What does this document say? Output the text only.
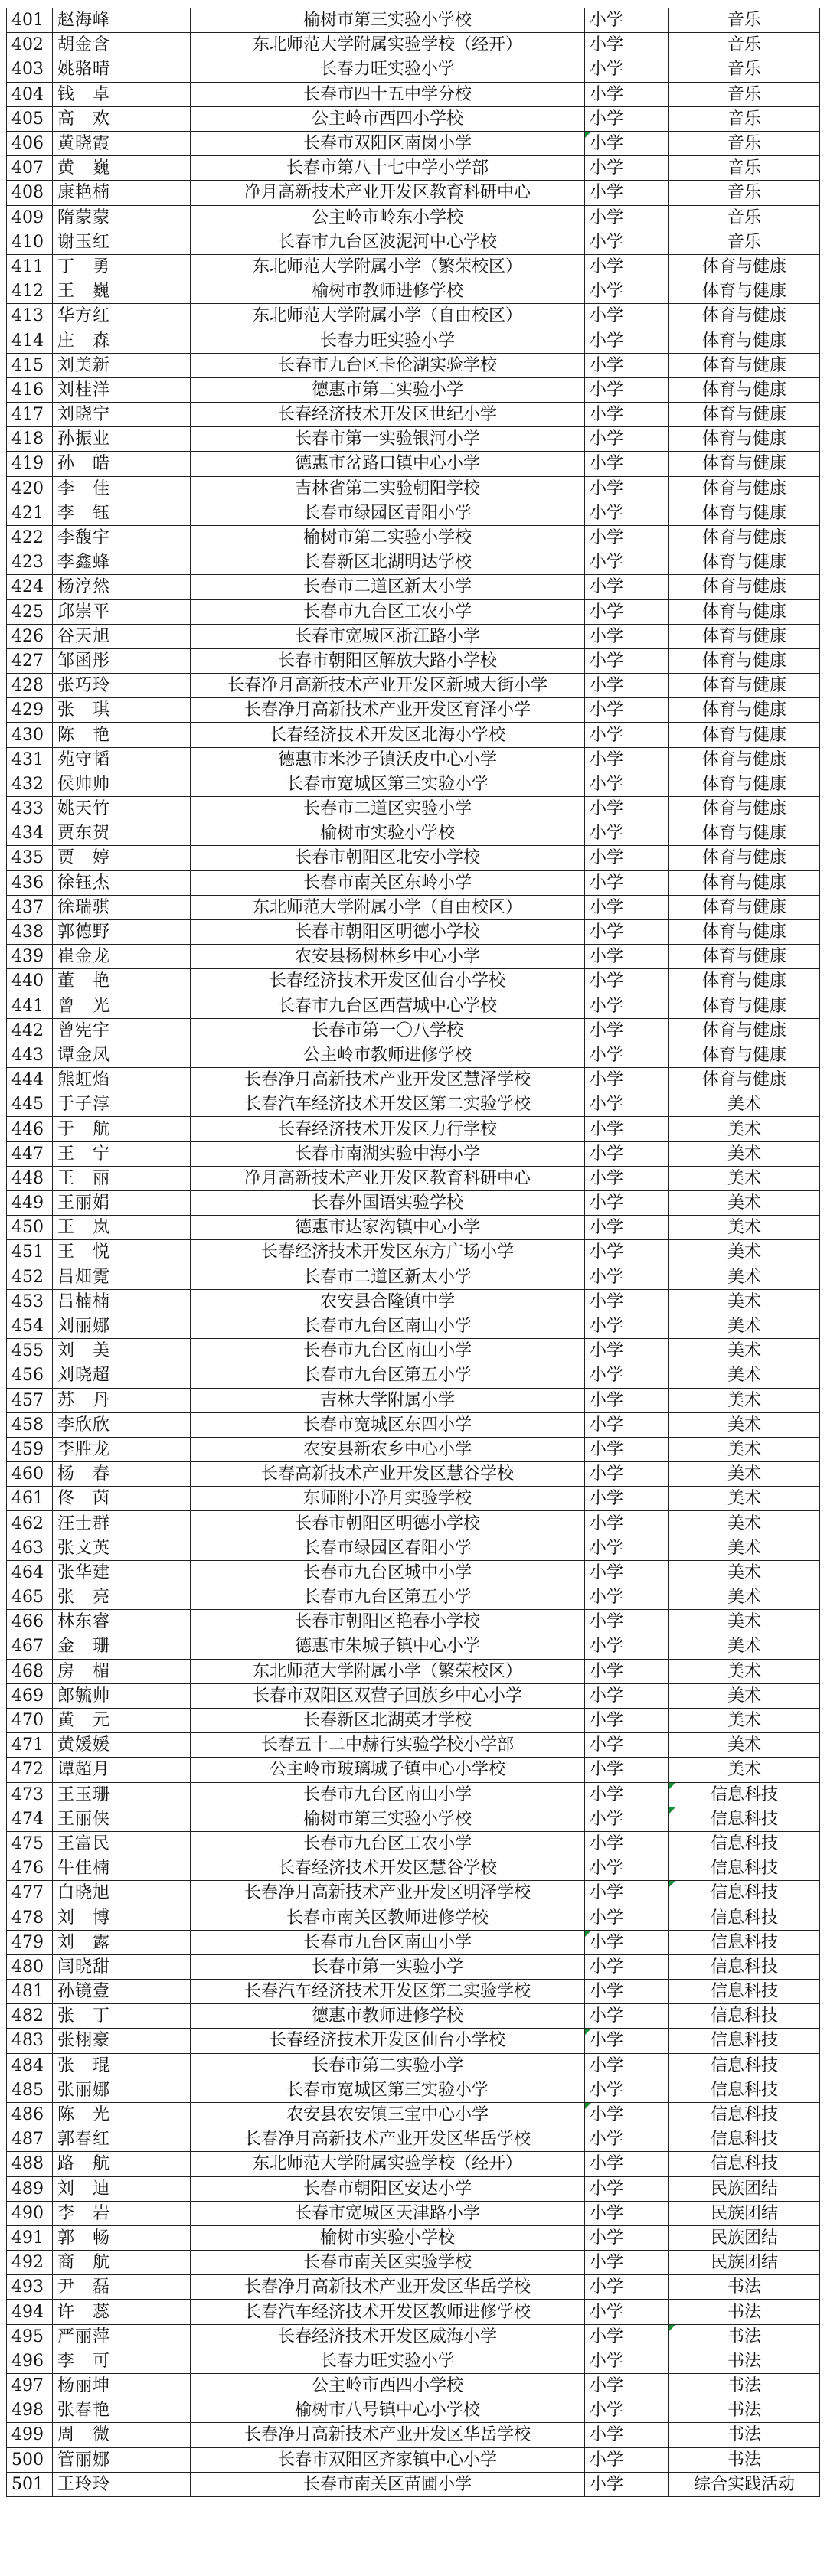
401	赵海峰	榆树市第三实验小学校	小学	音乐
402	胡金含	东北师范大学附属实验学校（经开）	小学	音乐
403	姚骆晴	长春力旺实验小学	小学	音乐
404	钱　卓	长春市四十五中学分校	小学	音乐
405	高　欢	公主岭市西四小学校	小学	音乐
406	黄晓霞	长春市双阳区南岗小学	小学	音乐
407	黄　巍	长春市第八十七中学小学部	小学	音乐
408	康艳楠	净月高新技术产业开发区教育科研中心	小学	音乐
409	隋蒙蒙	公主岭市岭东小学校	小学	音乐
410	谢玉红	长春市九台区波泥河中心学校	小学	音乐
411	丁　勇	东北师范大学附属小学（繁荣校区）	小学	体育与健康
412	王　巍	榆树市教师进修学校	小学	体育与健康
413	华方红	东北师范大学附属小学（自由校区）	小学	体育与健康
414	庄　森	长春力旺实验小学	小学	体育与健康
415	刘美新	长春市九台区卡伦湖实验学校	小学	体育与健康
416	刘桂洋	德惠市第二实验小学	小学	体育与健康
417	刘晓宁	长春经济技术开发区世纪小学	小学	体育与健康
418	孙振业	长春市第一实验银河小学	小学	体育与健康
419	孙　皓	德惠市岔路口镇中心小学	小学	体育与健康
420	李　佳	吉林省第二实验朝阳学校	小学	体育与健康
421	李　钰	长春市绿园区青阳小学	小学	体育与健康
422	李馥宇	榆树市第二实验小学校	小学	体育与健康
423	李鑫蜂	长春新区北湖明达学校	小学	体育与健康
424	杨淳然	长春市二道区新太小学	小学	体育与健康
425	邱崇平	长春市九台区工农小学	小学	体育与健康
426	谷天旭	长春市宽城区浙江路小学	小学	体育与健康
427	邹函彤	长春市朝阳区解放大路小学校	小学	体育与健康
428	张巧玲	长春净月高新技术产业开发区新城大街小学	小学	体育与健康
429	张　琪	长春净月高新技术产业开发区育泽小学	小学	体育与健康
430	陈　艳	长春经济技术开发区北海小学校	小学	体育与健康
431	苑守韬	德惠市米沙子镇沃皮中心小学	小学	体育与健康
432	侯帅帅	长春市宽城区第三实验小学	小学	体育与健康
433	姚天竹	长春市二道区实验小学	小学	体育与健康
434	贾东贺	榆树市实验小学校	小学	体育与健康
435	贾　婷	长春市朝阳区北安小学校	小学	体育与健康
436	徐钰杰	长春市南关区东岭小学	小学	体育与健康
437	徐瑞骐	东北师范大学附属小学（自由校区）	小学	体育与健康
438	郭德野	长春市朝阳区明德小学校	小学	体育与健康
439	崔金龙	农安县杨树林乡中心小学	小学	体育与健康
440	董　艳	长春经济技术开发区仙台小学校	小学	体育与健康
441	曾　光	长春市九台区西营城中心学校	小学	体育与健康
442	曾宪宇	长春市第一〇八学校	小学	体育与健康
443	谭金凤	公主岭市教师进修学校	小学	体育与健康
444	熊虹焰	长春净月高新技术产业开发区慧泽学校	小学	体育与健康
445	于子淳	长春汽车经济技术开发区第二实验学校	小学	美术
446	于　航	长春经济技术开发区力行学校	小学	美术
447	王　宁	长春市南湖实验中海小学	小学	美术
448	王　丽	净月高新技术产业开发区教育科研中心	小学	美术
449	王丽娟	长春外国语实验学校	小学	美术
450	王　岚	德惠市达家沟镇中心小学	小学	美术
451	王　悦	长春经济技术开发区东方广场小学	小学	美术
452	吕畑霓	长春市二道区新太小学	小学	美术
453	吕楠楠	农安县合隆镇中学	小学	美术
454	刘丽娜	长春市九台区南山小学	小学	美术
455	刘　美	长春市九台区南山小学	小学	美术
456	刘晓超	长春市九台区第五小学	小学	美术
457	苏　丹	吉林大学附属小学	小学	美术
458	李欣欣	长春市宽城区东四小学	小学	美术
459	李胜龙	农安县新农乡中心小学	小学	美术
460	杨　春	长春高新技术产业开发区慧谷学校	小学	美术
461	佟　茵	东师附小净月实验学校	小学	美术
462	汪士群	长春市朝阳区明德小学校	小学	美术
463	张文英	长春市绿园区春阳小学	小学	美术
464	张华建	长春市九台区城中小学	小学	美术
465	张　亮	长春市九台区第五小学	小学	美术
466	林东睿	长春市朝阳区艳春小学校	小学	美术
467	金　珊	德惠市朱城子镇中心小学	小学	美术
468	房　楣	东北师范大学附属小学（繁荣校区）	小学	美术
469	郎毓帅	长春市双阳区双营子回族乡中心小学	小学	美术
470	黄　元	长春新区北湖英才学校	小学	美术
471	黄媛媛	长春五十二中赫行实验学校小学部	小学	美术
472	谭超月	公主岭市玻璃城子镇中心小学校	小学	美术
473	王玉珊	长春市九台区南山小学	小学	信息科技
474	王丽侠	榆树市第三实验小学校	小学	信息科技
475	王富民	长春市九台区工农小学	小学	信息科技
476	牛佳楠	长春经济技术开发区慧谷学校	小学	信息科技
477	白晓旭	长春净月高新技术产业开发区明泽学校	小学	信息科技
478	刘　博	长春市南关区教师进修学校	小学	信息科技
479	刘　露	长春市九台区南山小学	小学	信息科技
480	闫晓甜	长春市第一实验小学	小学	信息科技
481	孙镜壹	长春汽车经济技术开发区第二实验学校	小学	信息科技
482	张　丁	德惠市教师进修学校	小学	信息科技
483	张栩豪	长春经济技术开发区仙台小学校	小学	信息科技
484	张　琨	长春市第二实验小学	小学	信息科技
485	张丽娜	长春市宽城区第三实验小学	小学	信息科技
486	陈　光	农安县农安镇三宝中心小学	小学	信息科技
487	郭春红	长春净月高新技术产业开发区华岳学校	小学	信息科技
488	路　航	东北师范大学附属实验学校（经开）	小学	信息科技
489	刘　迪	长春市朝阳区安达小学	小学	民族团结
490	李　岩	长春市宽城区天津路小学	小学	民族团结
491	郭　畅	榆树市实验小学校	小学	民族团结
492	商　航	长春市南关区实验学校	小学	民族团结
493	尹　磊	长春净月高新技术产业开发区华岳学校	小学	书法
494	许　蕊	长春汽车经济技术开发区教师进修学校	小学	书法
495	严丽萍	长春经济技术开发区威海小学	小学	书法
496	李　可	长春力旺实验小学	小学	书法
497	杨丽坤	公主岭市西四小学校	小学	书法
498	张春艳	榆树市八号镇中心小学校	小学	书法
499	周　微	长春净月高新技术产业开发区华岳学校	小学	书法
500	管丽娜	长春市双阳区齐家镇中心小学	小学	书法
501	王玲玲	长春市南关区苗圃小学	小学	综合实践活动
